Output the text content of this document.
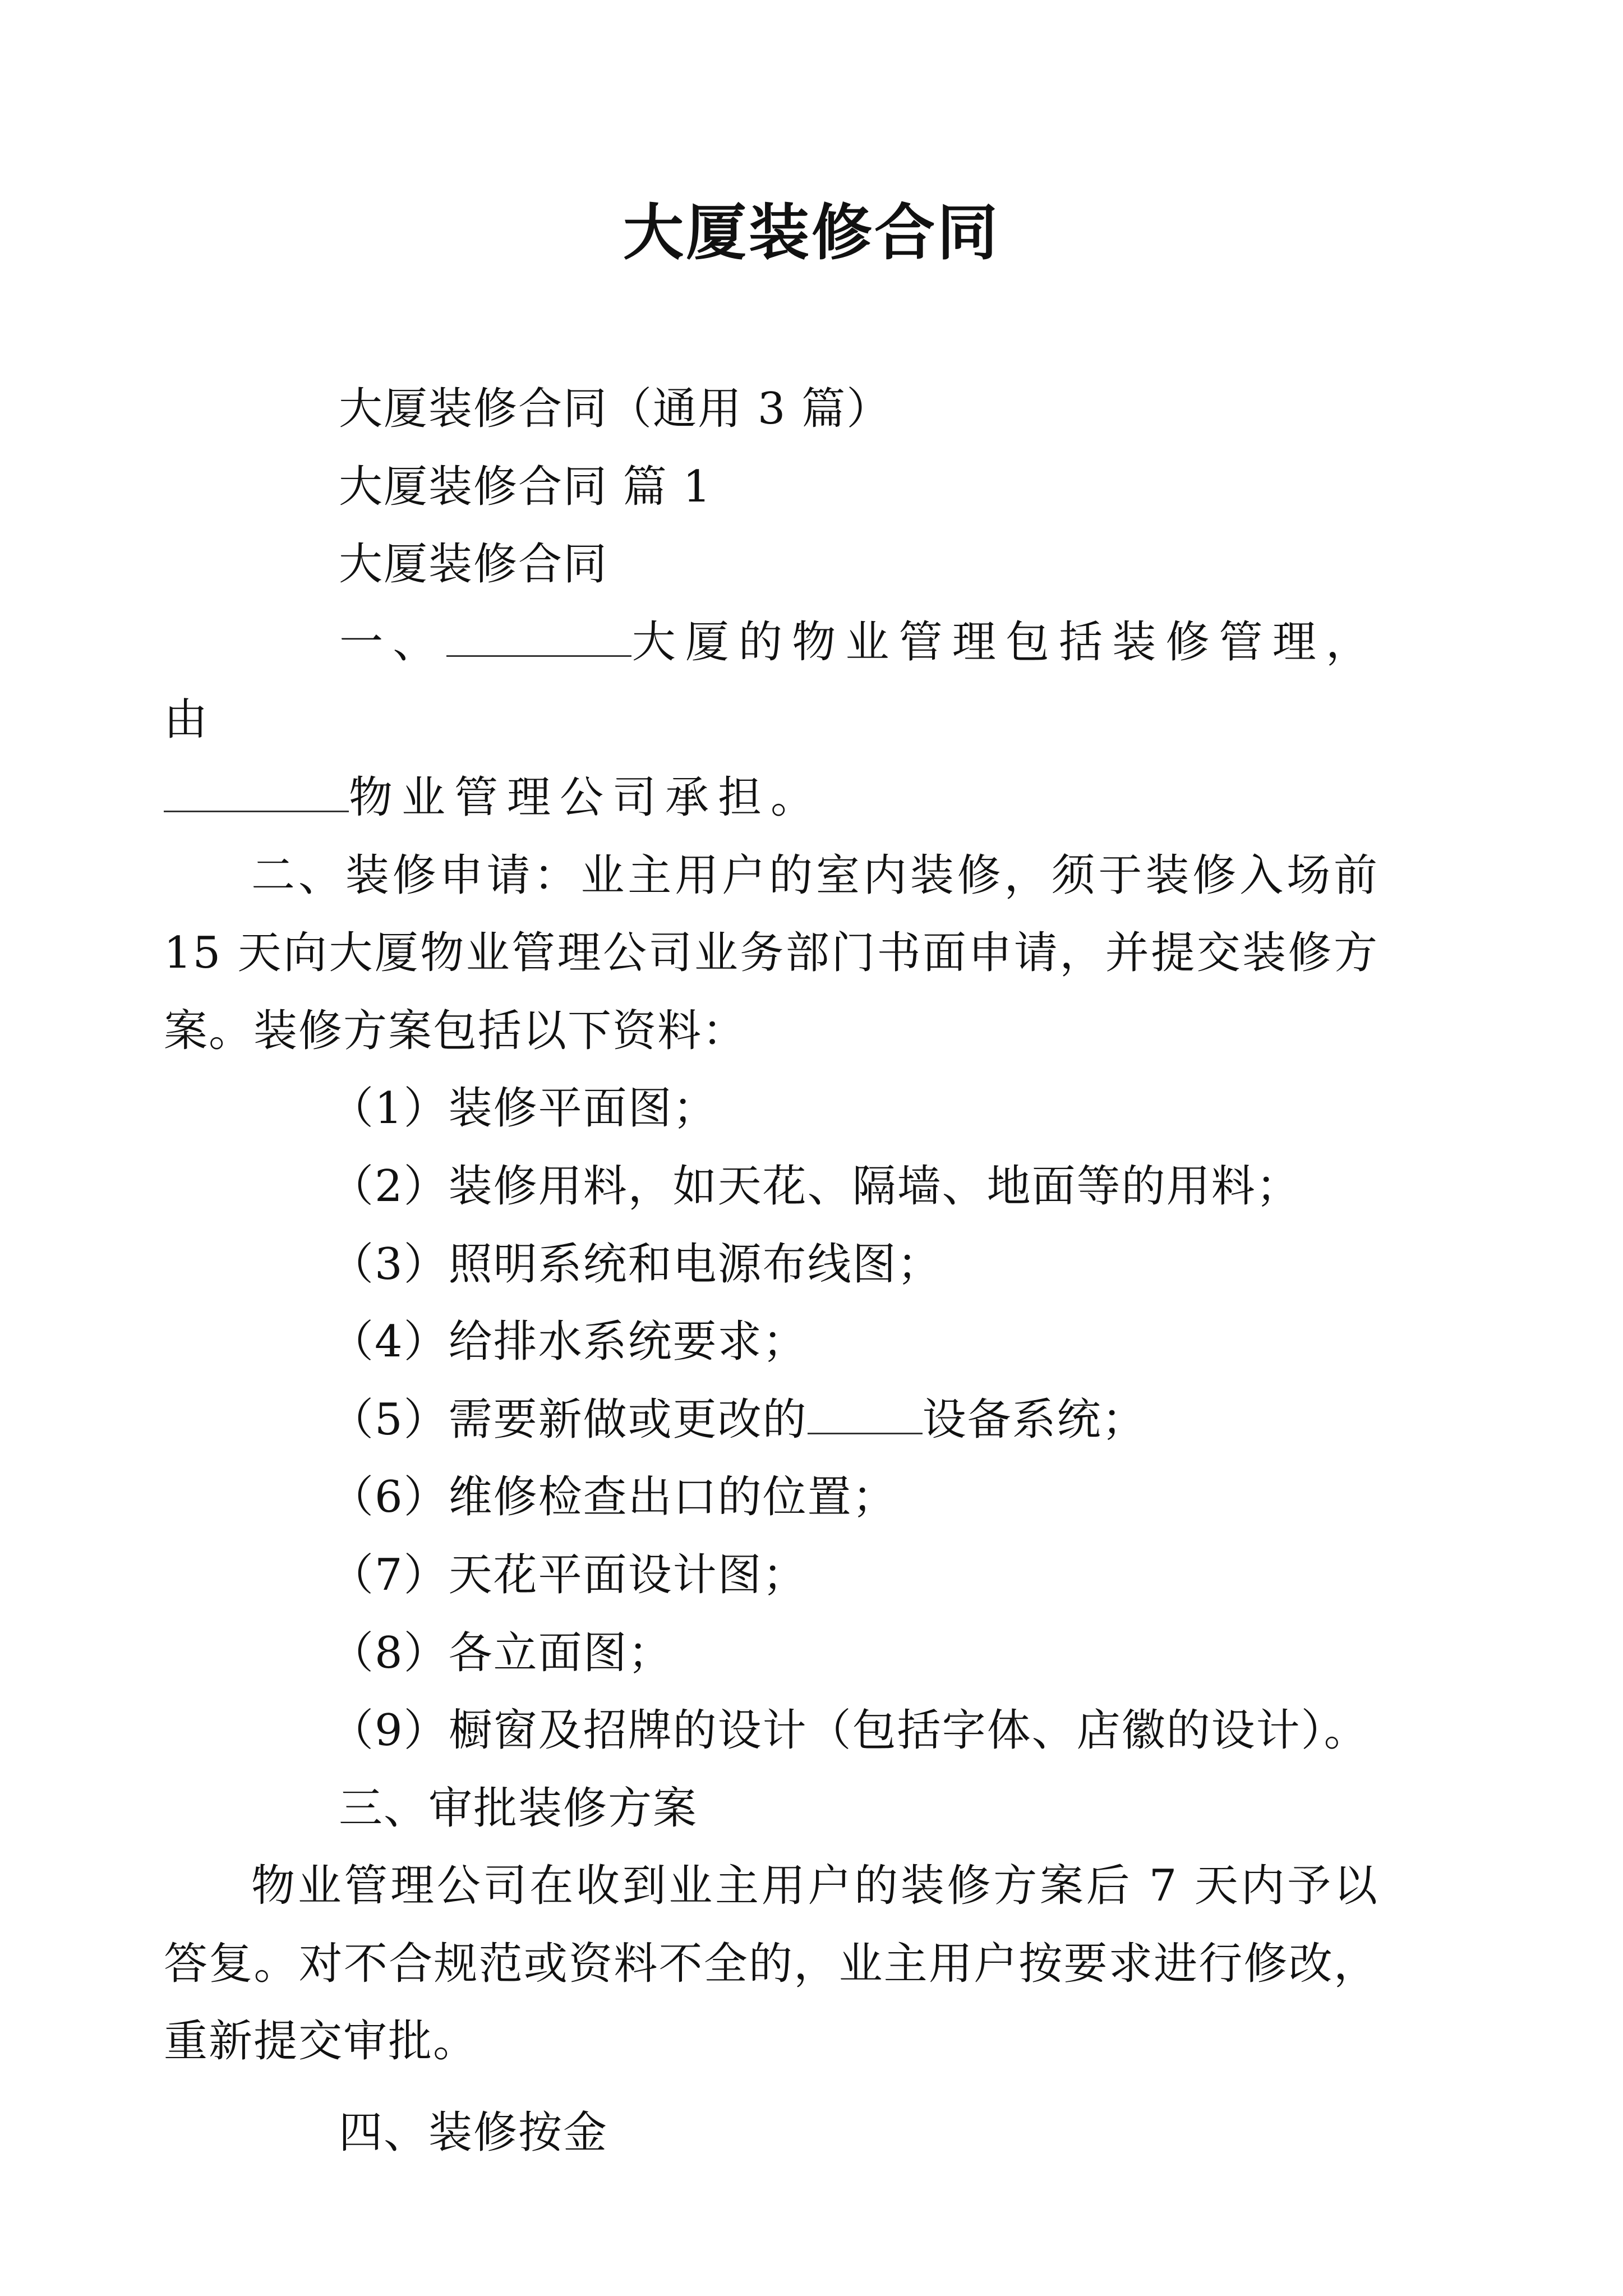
大厦装修合同

大厦装修合同（通用 3 篇）

大厦装修合同 篇 1

大厦装修合同

一、	大厦的物业管理包括装修管理，由
物业管理公司承担。

二、装修申请：业主用户的室内装修，须于装修入场前 15 天向大厦物业管理公司业务部门书面申请，并提交装修方案。装修方案包括以下资料：

（1）装修平面图；

（2）装修用料，如天花、隔墙、地面等的用料；

（3）照明系统和电源布线图；

（4）给排水系统要求；

（5）需要新做或更改的	设备系统；

（6）维修检查出口的位置；

（7）天花平面设计图；

（8）各立面图；

（9）橱窗及招牌的设计（包括字体、店徽的设计）。

三、审批装修方案

物业管理公司在收到业主用户的装修方案后 7 天内予以答复。对不合规范或资料不全的，业主用户按要求进行修改，重新提交审批。

四、装修按金
